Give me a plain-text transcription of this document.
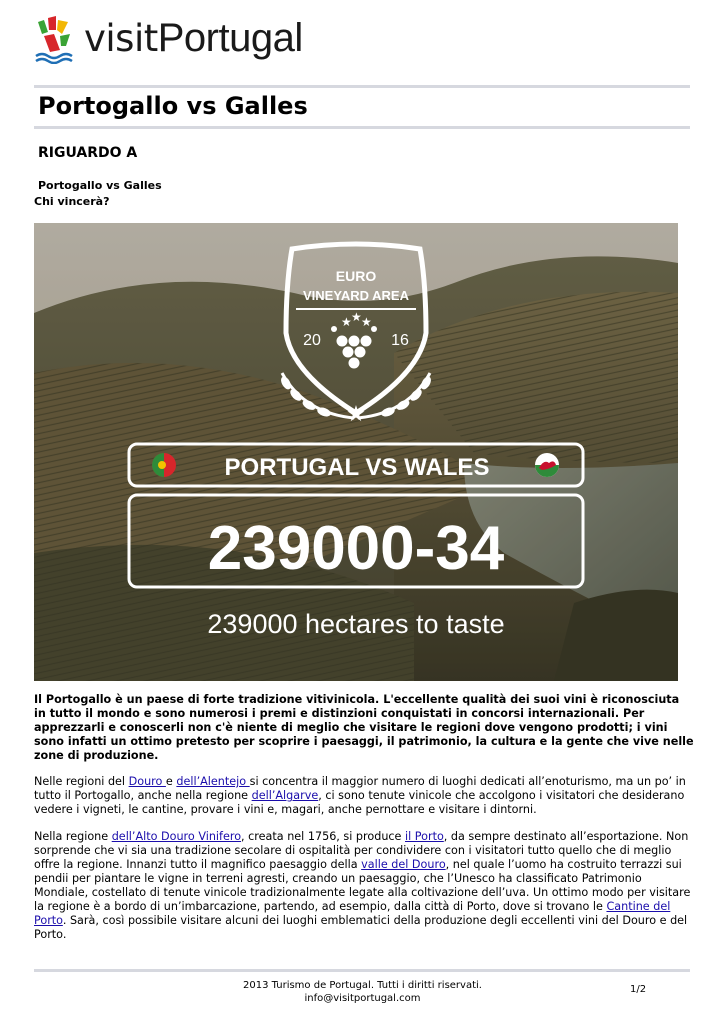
visitPortugal
Portogallo vs Galles
RIGUARDO A
Portogallo vs Galles
Chi vincerà?
EURO
VINEYARD AREA
20	16
★ ★ ★
★
PORTUGAL VS WALES
239000-34
239000 hectares to taste

Il Portogallo è un paese di forte tradizione vitivinicola. L'eccellente qualità dei suoi vini è riconosciuta in tutto il mondo e sono numerosi i premi e distinzioni conquistati in concorsi internazionali. Per apprezzarli e conoscerli non c'è niente di meglio che visitare le regioni dove vengono prodotti; i vini sono infatti un ottimo pretesto per scoprire i paesaggi, il patrimonio, la cultura e la gente che vive nelle zone di produzione.

Nelle regioni del Douro e dell’Alentejo si concentra il maggior numero di luoghi dedicati all’enoturismo, ma un po’ in tutto il Portogallo, anche nella regione dell’Algarve, ci sono tenute vinicole che accolgono i visitatori che desiderano vedere i vigneti, le cantine, provare i vini e, magari, anche pernottare e visitare i dintorni.

Nella regione dell’Alto Douro Vinifero, creata nel 1756, si produce il Porto, da sempre destinato all’esportazione. Non sorprende che vi sia una tradizione secolare di ospitalità per condividere con i visitatori tutto quello che di meglio offre la regione. Innanzi tutto il magnifico paesaggio della valle del Douro, nel quale l’uomo ha costruito terrazzi sui pendii per piantare le vigne in terreni agresti, creando un paesaggio, che l’Unesco ha classificato Patrimonio Mondiale, costellato di tenute vinicole tradizionalmente legate alla coltivazione dell’uva. Un ottimo modo per visitare la regione è a bordo di un’imbarcazione, partendo, ad esempio, dalla città di Porto, dove si trovano le Cantine del Porto. Sarà, così possibile visitare alcuni dei luoghi emblematici della produzione degli eccellenti vini del Douro e del Porto.

2013 Turismo de Portugal. Tutti i diritti riservati.
info@visitportugal.com
1/2
